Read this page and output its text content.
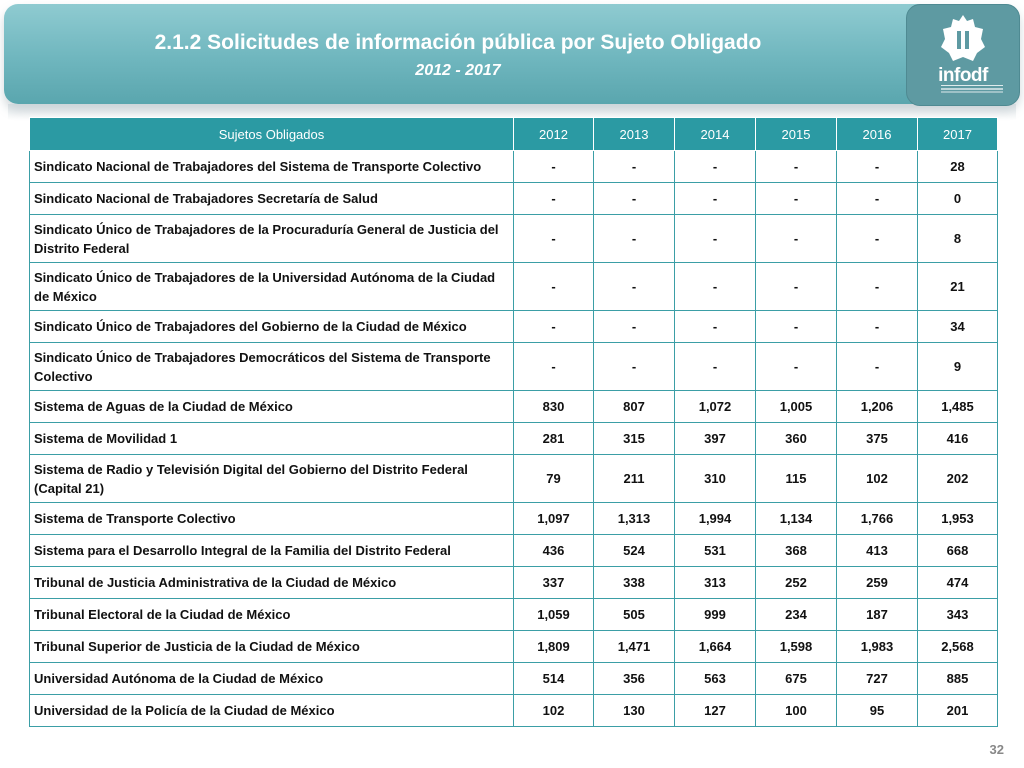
2.1.2 Solicitudes de información pública por Sujeto Obligado
2012 - 2017	infodf
Sujetos Obligados	2012	2013	2014	2015	2016	2017
Sindicato Nacional de Trabajadores del Sistema de Transporte Colectivo	-	-	-	-	-	28
Sindicato Nacional de Trabajadores Secretaría de Salud	-	-	-	-	-	0
Sindicato Único de Trabajadores de la Procuraduría General de Justicia del Distrito Federal	-	-	-	-	-	8
Sindicato Único de Trabajadores de la Universidad Autónoma de la Ciudad de México	-	-	-	-	-	21
Sindicato Único de Trabajadores del Gobierno de la Ciudad de México	-	-	-	-	-	34
Sindicato Único de Trabajadores Democráticos del Sistema de Transporte Colectivo	-	-	-	-	-	9
Sistema de Aguas de la Ciudad de México	830	807	1,072	1,005	1,206	1,485
Sistema de Movilidad 1	281	315	397	360	375	416
Sistema de Radio y Televisión Digital del Gobierno del Distrito Federal (Capital 21)	79	211	310	115	102	202
Sistema de Transporte Colectivo	1,097	1,313	1,994	1,134	1,766	1,953
Sistema para el Desarrollo Integral de la Familia del Distrito Federal	436	524	531	368	413	668
Tribunal de Justicia Administrativa de la Ciudad de México	337	338	313	252	259	474
Tribunal Electoral de la Ciudad de México	1,059	505	999	234	187	343
Tribunal Superior de Justicia de la Ciudad de México	1,809	1,471	1,664	1,598	1,983	2,568
Universidad Autónoma de la Ciudad de México	514	356	563	675	727	885
Universidad de la Policía de la Ciudad de México	102	130	127	100	95	201
32
